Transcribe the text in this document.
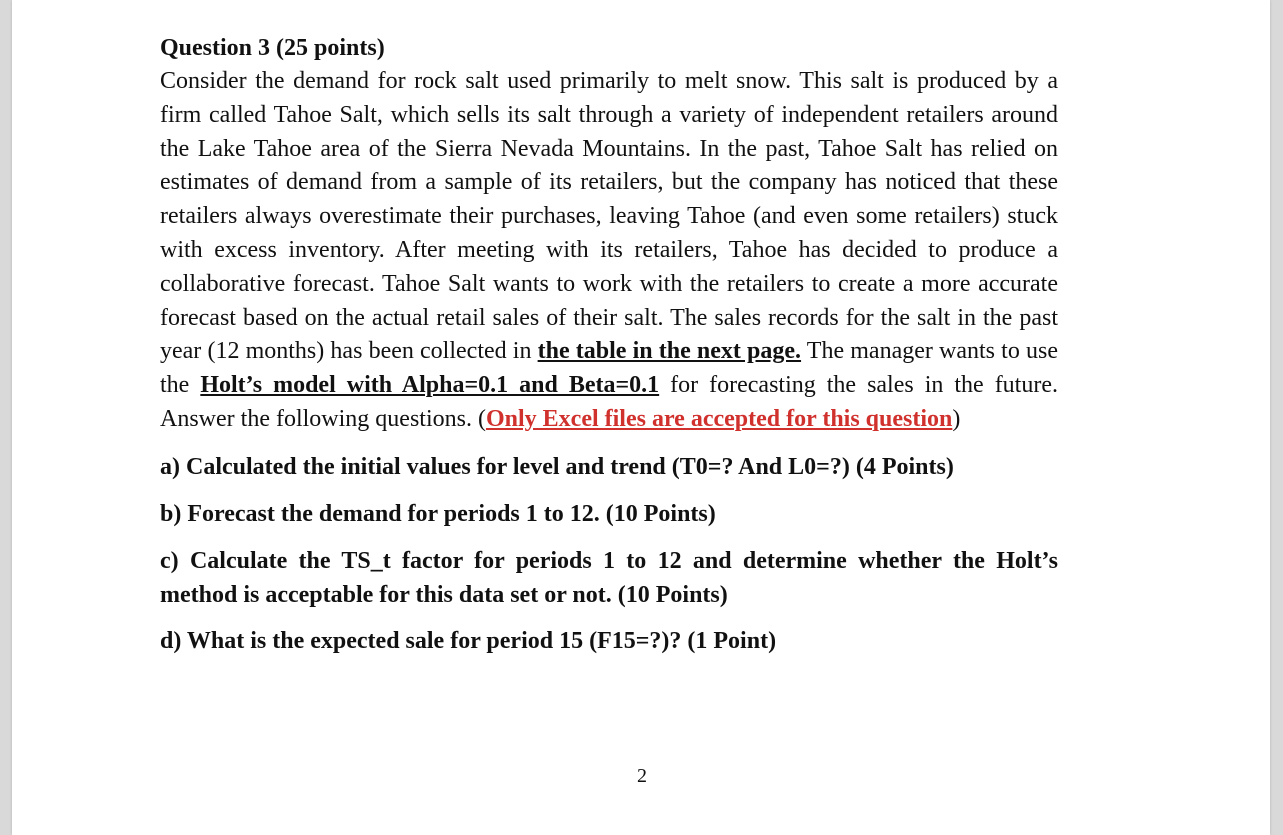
Question 3 (25 points)

Consider the demand for rock salt used primarily to melt snow. This salt is produced by a firm called Tahoe Salt, which sells its salt through a variety of independent retailers around the Lake Tahoe area of the Sierra Nevada Mountains. In the past, Tahoe Salt has relied on estimates of demand from a sample of its retailers, but the company has noticed that these retailers always overestimate their purchases, leaving Tahoe (and even some retailers) stuck with excess inventory. After meeting with its retailers, Tahoe has decided to produce a collaborative forecast. Tahoe Salt wants to work with the retailers to create a more accurate forecast based on the actual retail sales of their salt. The sales records for the salt in the past year (12 months) has been collected in the table in the next page. The manager wants to use the Holt’s model with Alpha=0.1 and Beta=0.1 for forecasting the sales in the future. Answer the following questions. (Only Excel files are accepted for this question)

a) Calculated the initial values for level and trend (T0=? And L0=?) (4 Points)

b) Forecast the demand for periods 1 to 12. (10 Points)

c) Calculate the TS_t factor for periods 1 to 12 and determine whether the Holt’s method is acceptable for this data set or not. (10 Points)

d) What is the expected sale for period 15 (F15=?)? (1 Point)

2
